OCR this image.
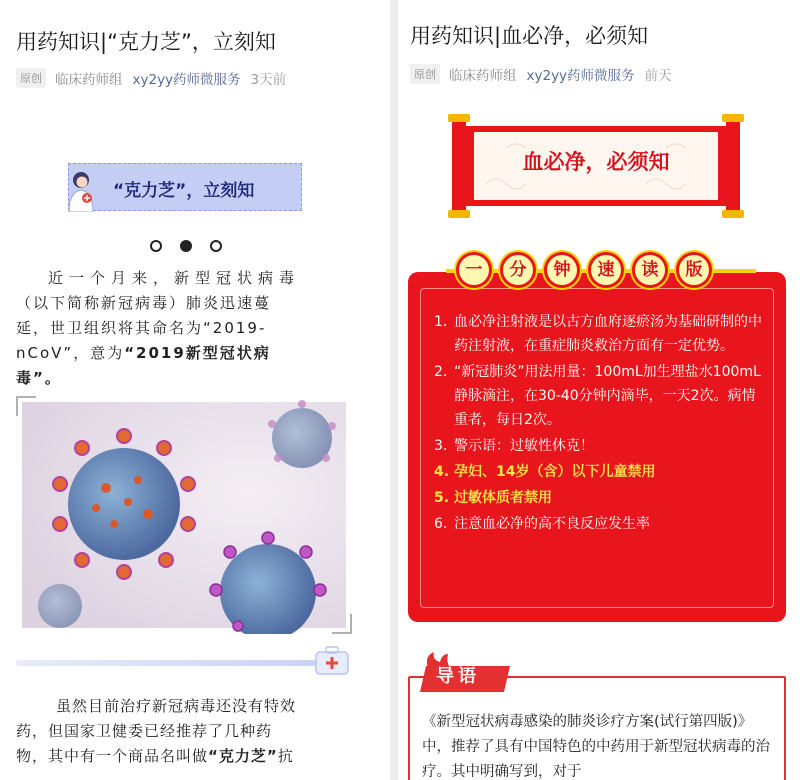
用药知识|“克力芝”，立刻知
原创 临床药师组 xy2yy药师微服务 3天前
“克力芝”，立刻知
近一个月来，新型冠状病毒
（以下简称新冠病毒）肺炎迅速蔓
延，世卫组织将其命名为“2019-
nCoV”，意为“2019新型冠状病
毒”。
虽然目前治疗新冠病毒还没有特效
药，但国家卫健委已经推荐了几种药
物，其中有一个商品名叫做“克力芝”抗
用药知识|血必净，必须知
原创 临床药师组 xy2yy药师微服务 前天
血必净，必须知
一	分	钟	速	读	版
1. 血必净注射液是以古方血府逐瘀汤为基础研制的中药注射液，在重症肺炎救治方面有一定优势。
2. “新冠肺炎”用法用量：100mL加生理盐水100mL静脉滴注，在30-40分钟内滴毕，一天2次。病情重者，每日2次。
3. 警示语：过敏性休克！
4. 孕妇、14岁（含）以下儿童禁用
5. 过敏体质者禁用
6. 注意血必净的高不良反应发生率
导语
《新型冠状病毒感染的肺炎诊疗方案(试行第四版)》中，推荐了具有中国特色的中药用于新型冠状病毒的治疗。其中明确写到，对于
